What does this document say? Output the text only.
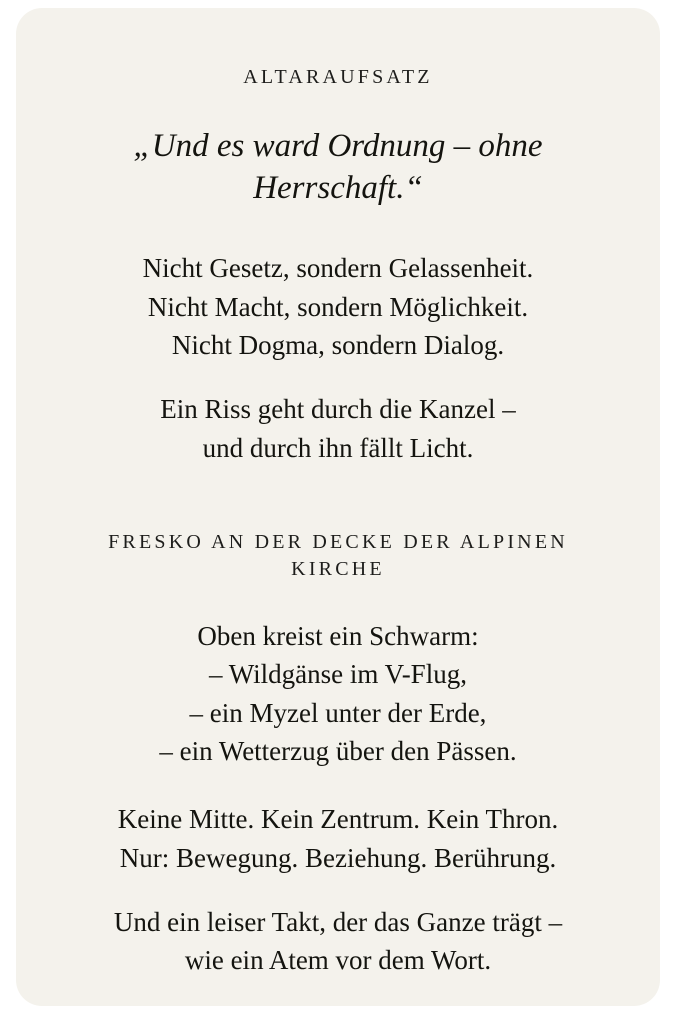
ALTARAUFSATZ
„Und es ward Ordnung – ohne Herrschaft.“
Nicht Gesetz, sondern Gelassenheit.
Nicht Macht, sondern Möglichkeit.
Nicht Dogma, sondern Dialog.
Ein Riss geht durch die Kanzel –
und durch ihn fällt Licht.
FRESKO AN DER DECKE DER ALPINEN KIRCHE
Oben kreist ein Schwarm:
– Wildgänse im V-Flug,
– ein Myzel unter der Erde,
– ein Wetterzug über den Pässen.
Keine Mitte. Kein Zentrum. Kein Thron.
Nur: Bewegung. Beziehung. Berührung.
Und ein leiser Takt, der das Ganze trägt –
wie ein Atem vor dem Wort.
